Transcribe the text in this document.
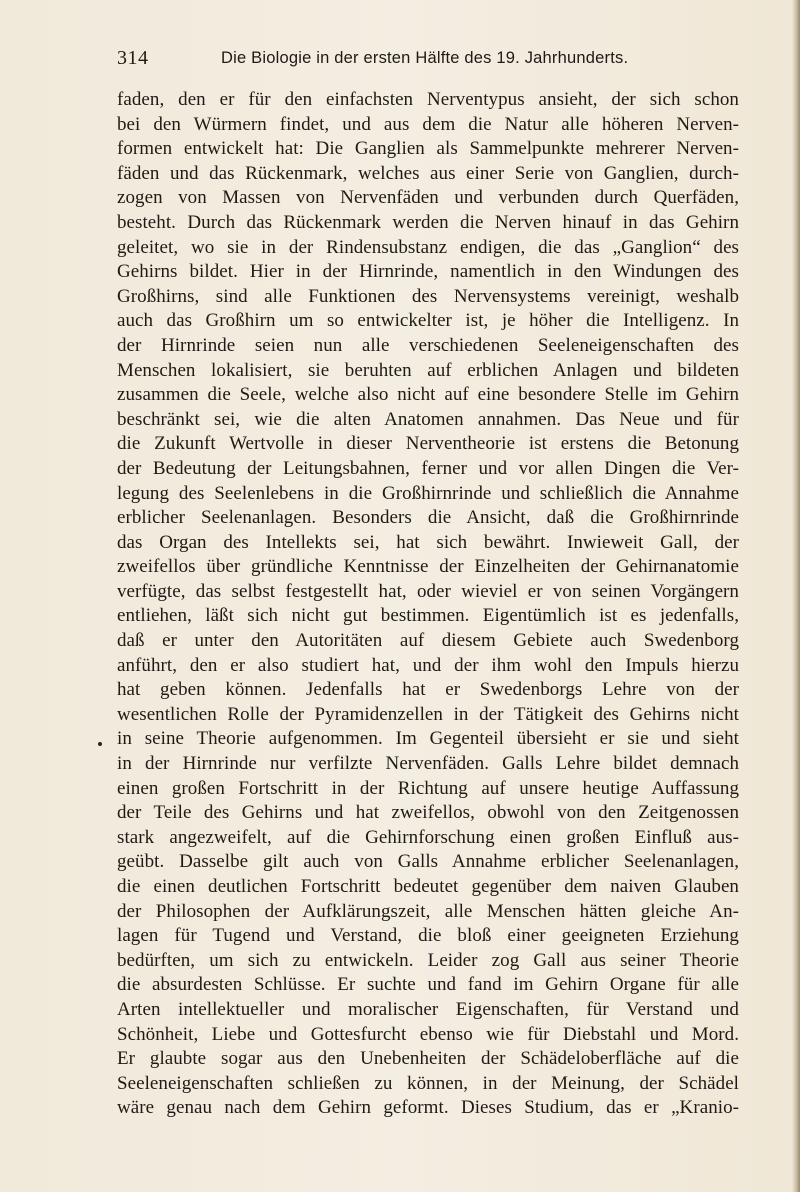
314	Die Biologie in der ersten Hälfte des 19. Jahrhunderts.
faden, den er für den einfachsten Nerventypus ansieht, der sich schon
bei den Würmern findet, und aus dem die Natur alle höheren Nerven-
formen entwickelt hat: Die Ganglien als Sammelpunkte mehrerer Nerven-
fäden und das Rückenmark, welches aus einer Serie von Ganglien, durch-
zogen von Massen von Nervenfäden und verbunden durch Querfäden,
besteht. Durch das Rückenmark werden die Nerven hinauf in das Gehirn
geleitet, wo sie in der Rindensubstanz endigen, die das „Ganglion“ des
Gehirns bildet. Hier in der Hirnrinde, namentlich in den Windungen des
Großhirns, sind alle Funktionen des Nervensystems vereinigt, weshalb
auch das Großhirn um so entwickelter ist, je höher die Intelligenz. In
der Hirnrinde seien nun alle verschiedenen Seeleneigenschaften des
Menschen lokalisiert, sie beruhten auf erblichen Anlagen und bildeten
zusammen die Seele, welche also nicht auf eine besondere Stelle im Gehirn
beschränkt sei, wie die alten Anatomen annahmen. Das Neue und für
die Zukunft Wertvolle in dieser Nerventheorie ist erstens die Betonung
der Bedeutung der Leitungsbahnen, ferner und vor allen Dingen die Ver-
legung des Seelenlebens in die Großhirnrinde und schließlich die Annahme
erblicher Seelenanlagen. Besonders die Ansicht, daß die Großhirnrinde
das Organ des Intellekts sei, hat sich bewährt. Inwieweit Gall, der
zweifellos über gründliche Kenntnisse der Einzelheiten der Gehirnanatomie
verfügte, das selbst festgestellt hat, oder wieviel er von seinen Vorgängern
entliehen, läßt sich nicht gut bestimmen. Eigentümlich ist es jedenfalls,
daß er unter den Autoritäten auf diesem Gebiete auch Swedenborg
anführt, den er also studiert hat, und der ihm wohl den Impuls hierzu
hat geben können. Jedenfalls hat er Swedenborgs Lehre von der
wesentlichen Rolle der Pyramidenzellen in der Tätigkeit des Gehirns nicht
in seine Theorie aufgenommen. Im Gegenteil übersieht er sie und sieht
in der Hirnrinde nur verfilzte Nervenfäden. Galls Lehre bildet demnach
einen großen Fortschritt in der Richtung auf unsere heutige Auffassung
der Teile des Gehirns und hat zweifellos, obwohl von den Zeitgenossen
stark angezweifelt, auf die Gehirnforschung einen großen Einfluß aus-
geübt. Dasselbe gilt auch von Galls Annahme erblicher Seelenanlagen,
die einen deutlichen Fortschritt bedeutet gegenüber dem naiven Glauben
der Philosophen der Aufklärungszeit, alle Menschen hätten gleiche An-
lagen für Tugend und Verstand, die bloß einer geeigneten Erziehung
bedürften, um sich zu entwickeln. Leider zog Gall aus seiner Theorie
die absurdesten Schlüsse. Er suchte und fand im Gehirn Organe für alle
Arten intellektueller und moralischer Eigenschaften, für Verstand und
Schönheit, Liebe und Gottesfurcht ebenso wie für Diebstahl und Mord.
Er glaubte sogar aus den Unebenheiten der Schädeloberfläche auf die
Seeleneigenschaften schließen zu können, in der Meinung, der Schädel
wäre genau nach dem Gehirn geformt. Dieses Studium, das er „Kranio-
